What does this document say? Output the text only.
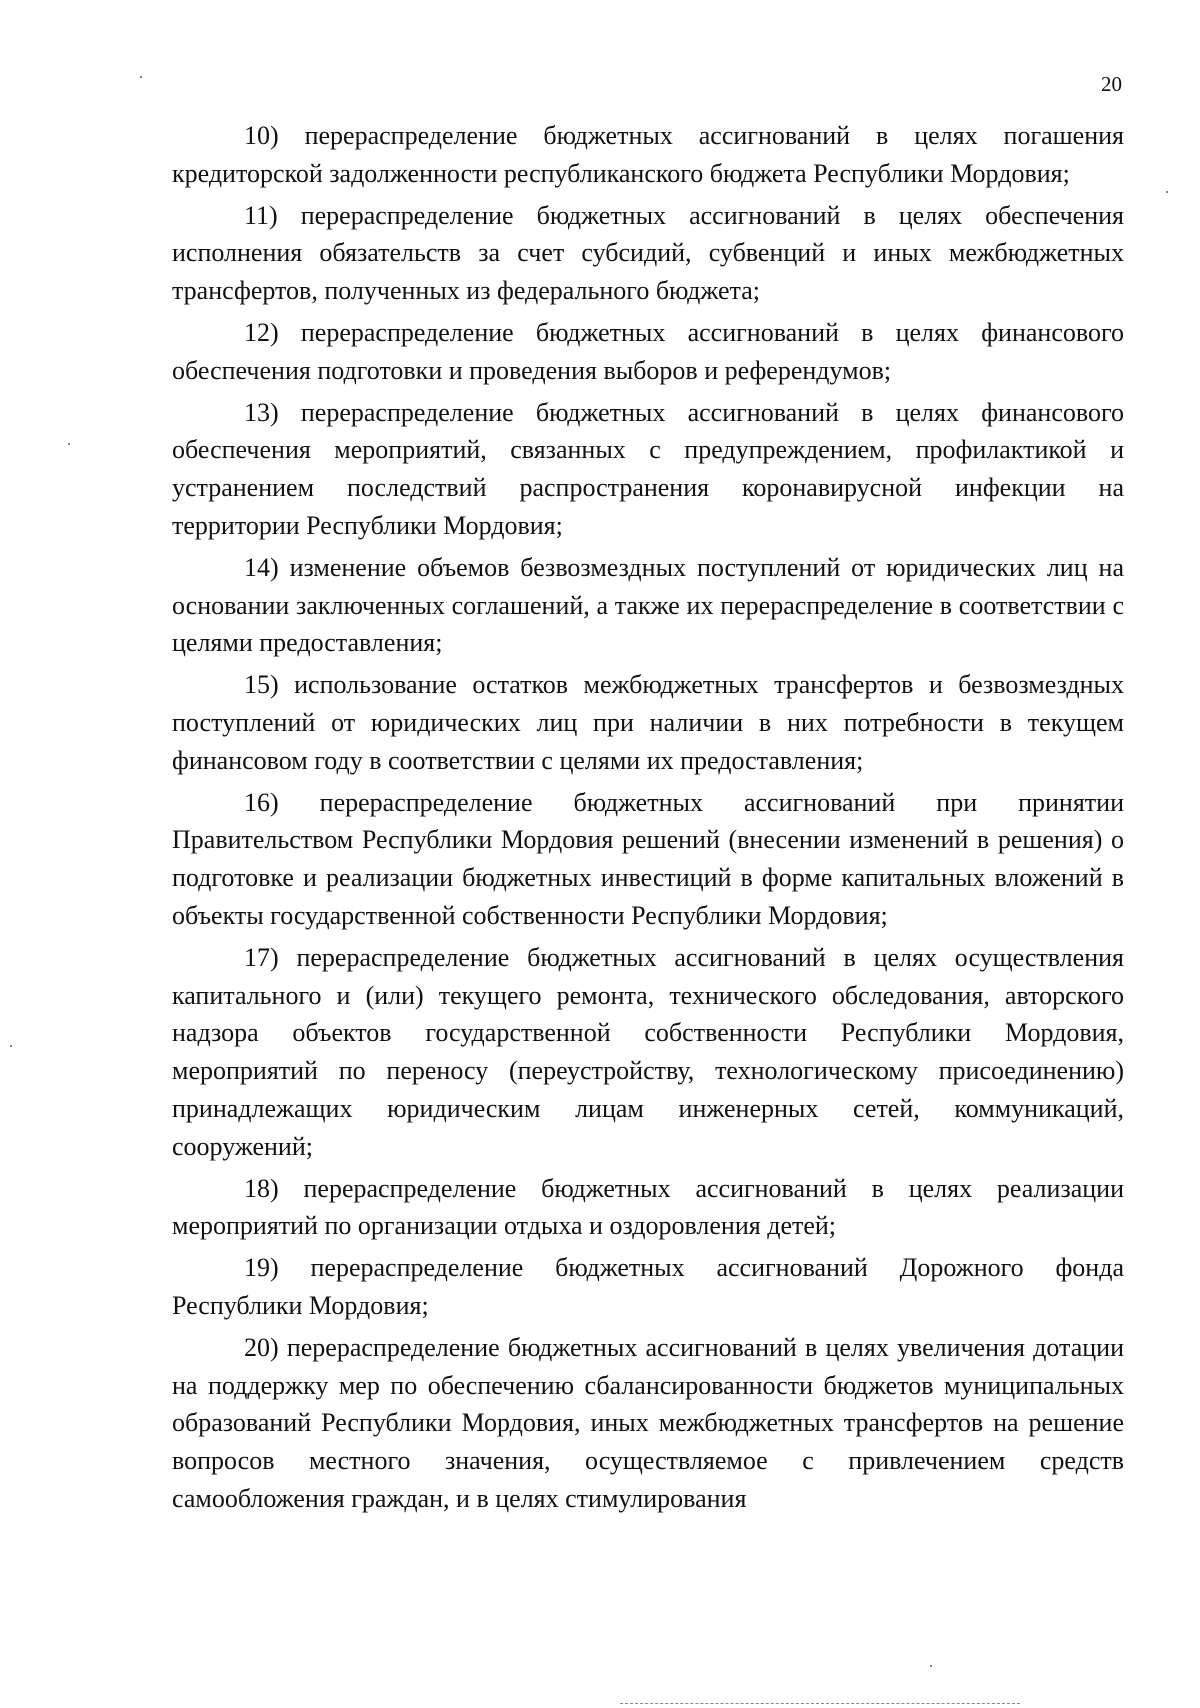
20

10) перераспределение бюджетных ассигнований в целях погашения кредиторской задолженности республиканского бюджета Республики Мордовия;

11) перераспределение бюджетных ассигнований в целях обеспечения исполнения обязательств за счет субсидий, субвенций и иных межбюджетных трансфертов, полученных из федерального бюджета;

12) перераспределение бюджетных ассигнований в целях финансового обеспечения подготовки и проведения выборов и референдумов;

13) перераспределение бюджетных ассигнований в целях финансового обеспечения мероприятий, связанных с предупреждением, профилактикой и устранением последствий распространения коронавирусной инфекции на территории Республики Мордовия;

14) изменение объемов безвозмездных поступлений от юридических лиц на основании заключенных соглашений, а также их перераспределение в соответствии с целями предоставления;

15) использование остатков межбюджетных трансфертов и безвозмездных поступлений от юридических лиц при наличии в них потребности в текущем финансовом году в соответствии с целями их предоставления;

16) перераспределение бюджетных ассигнований при принятии Правительством Республики Мордовия решений (внесении изменений в решения) о подготовке и реализации бюджетных инвестиций в форме капитальных вложений в объекты государственной собственности Республики Мордовия;

17) перераспределение бюджетных ассигнований в целях осуществления капитального и (или) текущего ремонта, технического обследования, авторского надзора объектов государственной собственности Республики Мордовия, мероприятий по переносу (переустройству, технологическому присоединению) принадлежащих юридическим лицам инженерных сетей, коммуникаций, сооружений;

18) перераспределение бюджетных ассигнований в целях реализации мероприятий по организации отдыха и оздоровления детей;

19) перераспределение бюджетных ассигнований Дорожного фонда Республики Мордовия;

20) перераспределение бюджетных ассигнований в целях увеличения дотации на поддержку мер по обеспечению сбалансированности бюджетов муниципальных образований Республики Мордовия, иных межбюджетных трансфертов на решение вопросов местного значения, осуществляемое с привлечением средств самообложения граждан, и в целях стимулирования
